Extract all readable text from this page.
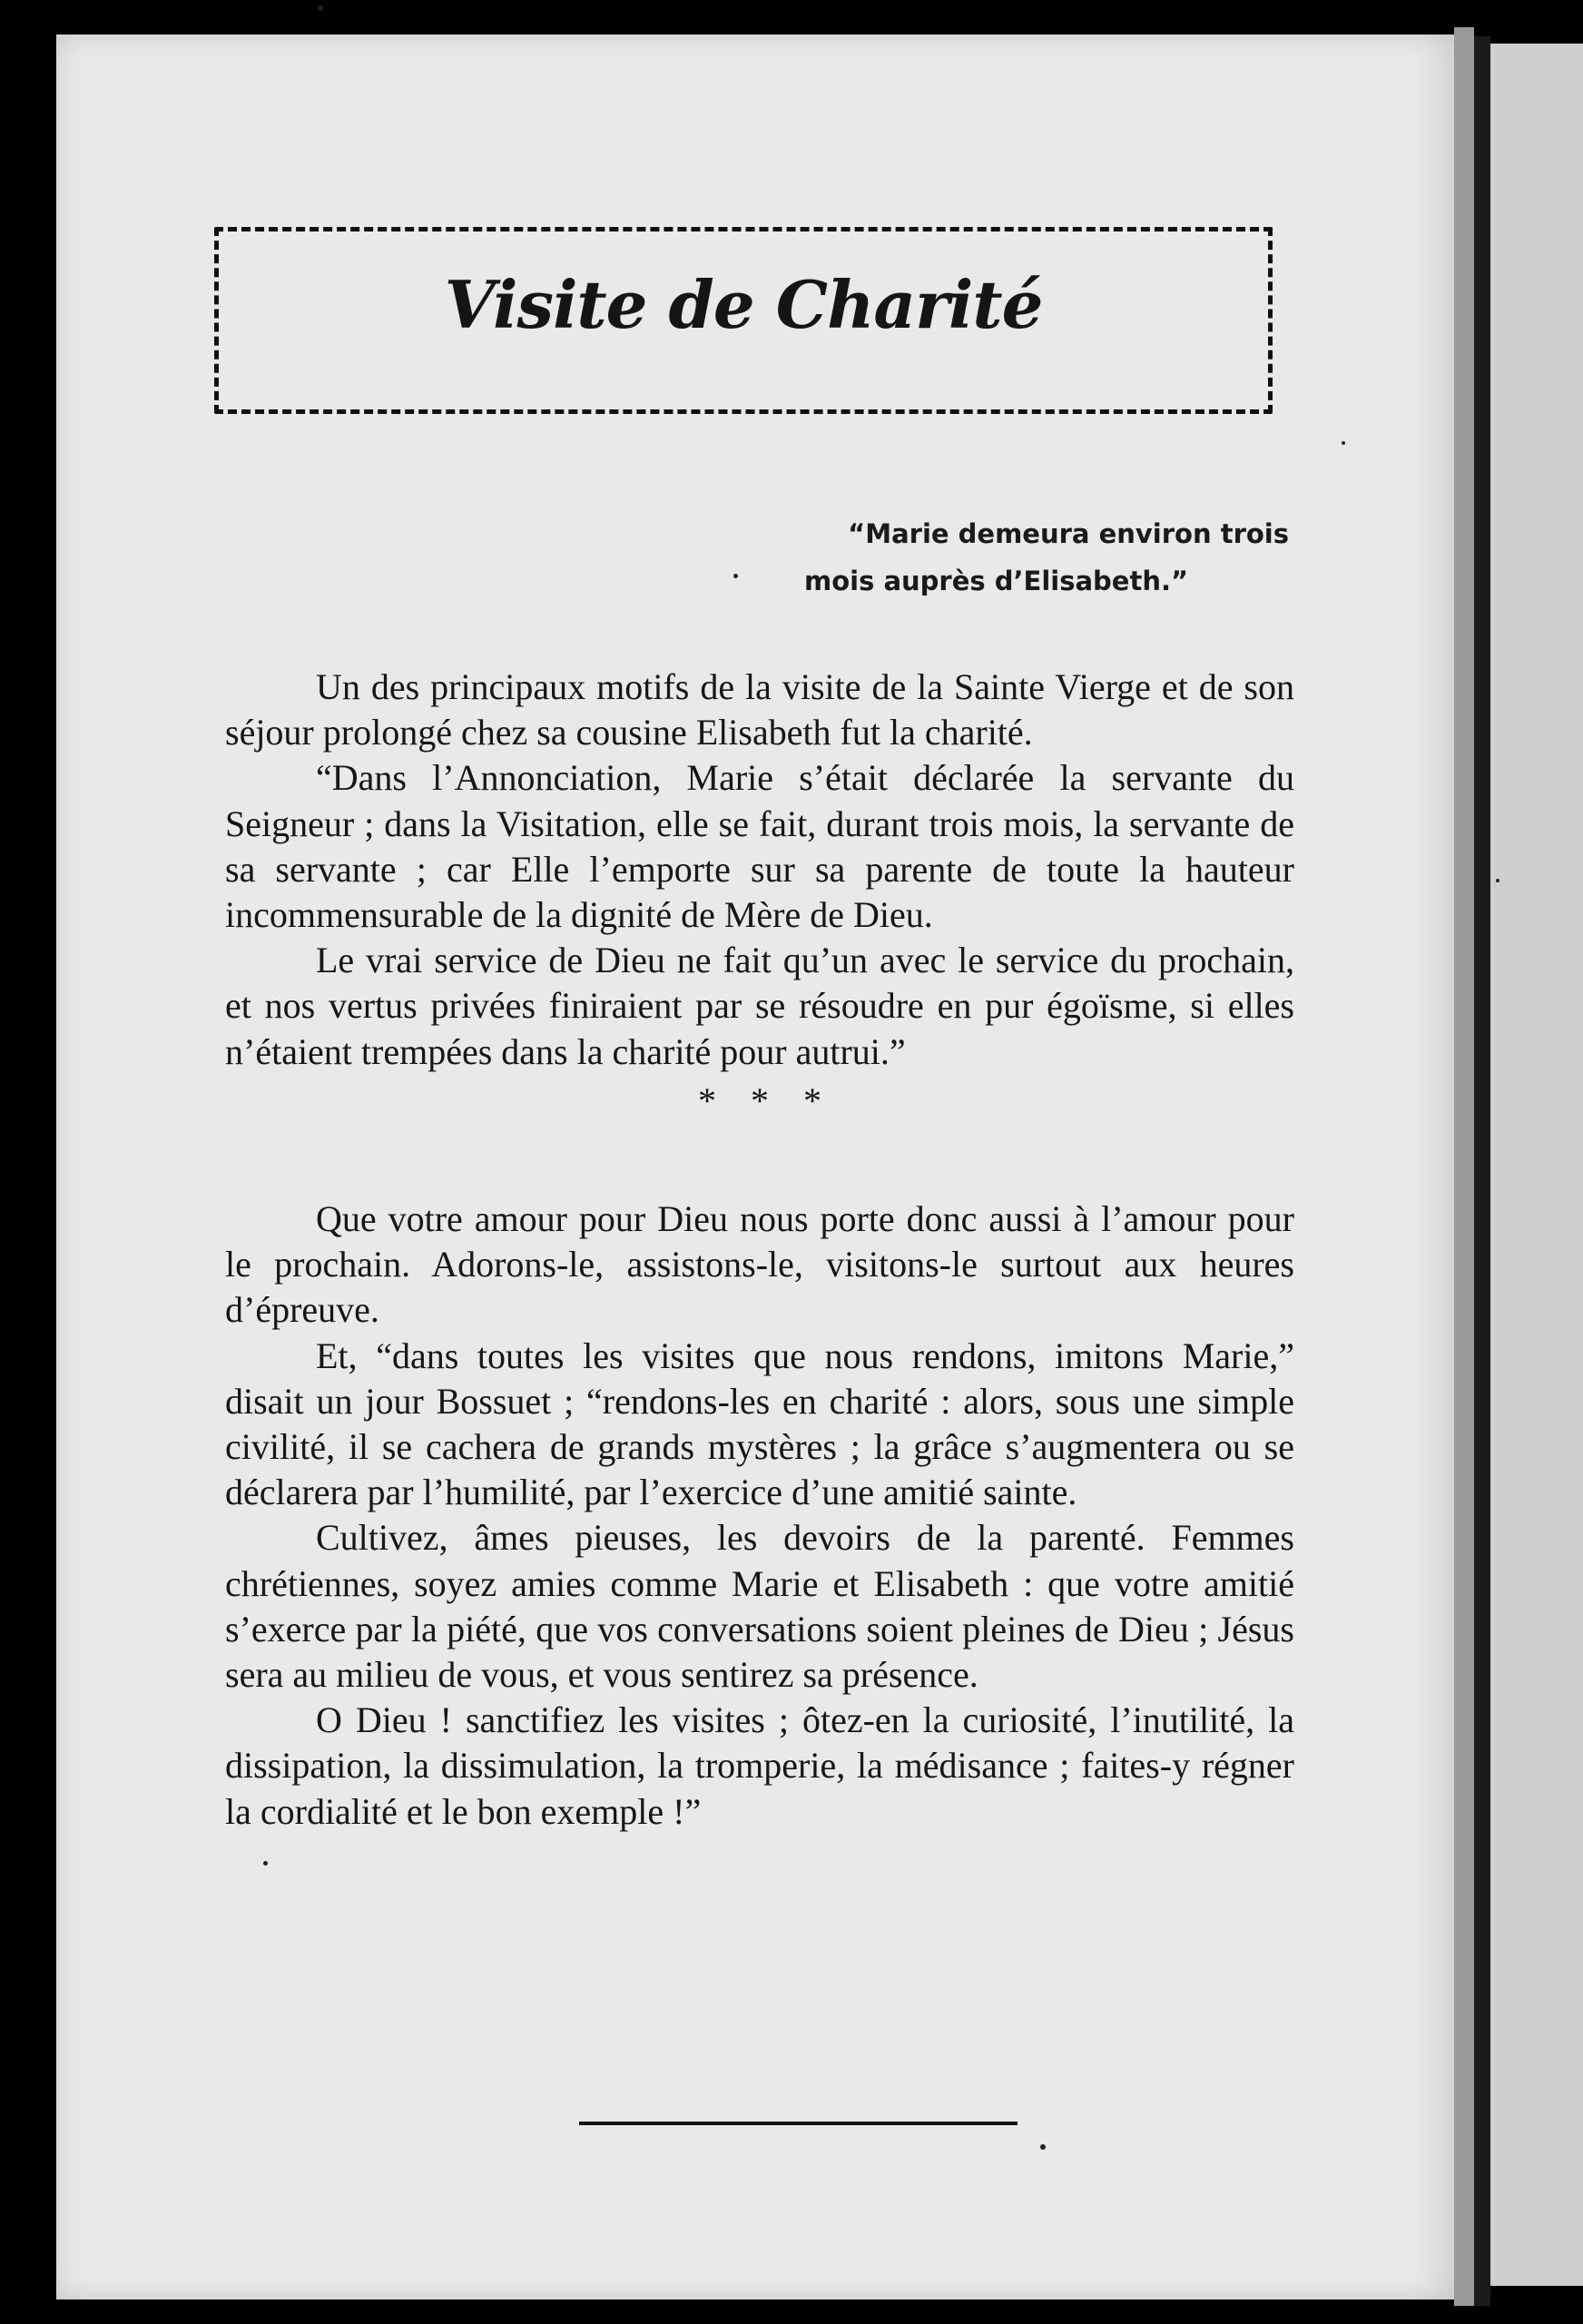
Visite de Charité
“Marie demeura environ trois
mois auprès d’Elisabeth.”

Un des principaux motifs de la visite de la Sainte Vierge et de son séjour prolongé chez sa cousine Elisabeth fut la charité.

“Dans l’Annonciation, Marie s’était déclarée la servante du Seigneur ; dans la Visitation, elle se fait, durant trois mois, la servante de sa servante ; car Elle l’emporte sur sa parente de toute la hauteur incommensurable de la dignité de Mère de Dieu.

Le vrai service de Dieu ne fait qu’un avec le service du prochain, et nos vertus privées finiraient par se résoudre en pur égoïsme, si elles n’étaient trempées dans la charité pour autrui.”

* * *

Que votre amour pour Dieu nous porte donc aussi à l’amour pour le prochain. Adorons-le, assistons-le, visitons-le surtout aux heures d’épreuve.

Et, “dans toutes les visites que nous rendons, imitons Marie,” disait un jour Bossuet ; “rendons-les en charité : alors, sous une simple civilité, il se cachera de grands mystères ; la grâce s’augmentera ou se déclarera par l’humilité, par l’exercice d’une amitié sainte.

Cultivez, âmes pieuses, les devoirs de la parenté. Femmes chrétiennes, soyez amies comme Marie et Elisabeth : que votre amitié s’exerce par la piété, que vos conversations soient pleines de Dieu ; Jésus sera au milieu de vous, et vous sentirez sa présence.

O Dieu ! sanctifiez les visites ; ôtez-en la curiosité, l’inutilité, la dissipation, la dissimulation, la tromperie, la médisance ; faites-y régner la cordialité et le bon exemple !”
